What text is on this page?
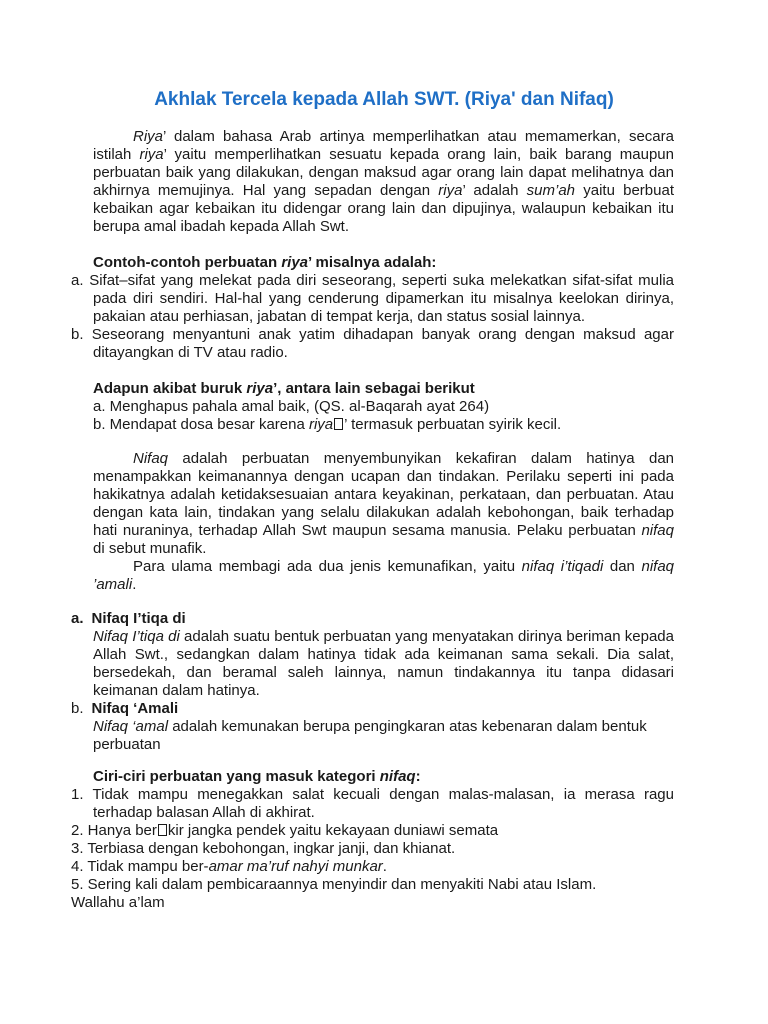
Akhlak Tercela kepada Allah SWT. (Riya' dan Nifaq)

Riya’ dalam bahasa Arab artinya memperlihatkan atau memamerkan, secara istilah riya’ yaitu memperlihatkan sesuatu kepada orang lain, baik barang maupun perbuatan baik yang dilakukan, dengan maksud agar orang lain dapat melihatnya dan akhirnya memujinya. Hal yang sepadan dengan riya’ adalah sum’ah yaitu berbuat kebaikan agar kebaikan itu didengar orang lain dan dipujinya, walaupun kebaikan itu berupa amal ibadah kepada Allah Swt.

Contoh-contoh perbuatan riya’ misalnya adalah:

a. Sifat–sifat yang melekat pada diri seseorang, seperti suka melekatkan sifat-sifat mulia pada diri sendiri. Hal-hal yang cenderung dipamerkan itu misalnya keelokan dirinya, pakaian atau perhiasan, jabatan di tempat kerja, dan status sosial lainnya.

b. Seseorang menyantuni anak yatim dihadapan banyak orang dengan maksud agar ditayangkan di TV atau radio.

Adapun akibat buruk riya’, antara lain sebagai berikut

a. Menghapus pahala amal baik, (QS. al-Baqarah ayat 264)

b. Mendapat dosa besar karena riya ’ termasuk perbuatan syirik kecil.

Nifaq adalah perbuatan menyembunyikan kekafiran dalam hatinya dan menampakkan keimanannya dengan ucapan dan tindakan. Perilaku seperti ini pada hakikatnya adalah ketidaksesuaian antara keyakinan, perkataan, dan perbuatan. Atau dengan kata lain, tindakan yang selalu dilakukan adalah kebohongan, baik terhadap hati nuraninya, terhadap Allah Swt maupun sesama manusia. Pelaku perbuatan nifaq di sebut munafik.

Para ulama membagi ada dua jenis kemunafikan, yaitu nifaq i’tiqadi dan nifaq ’amali.

a. Nifaq I’tiqa di

Nifaq I’tiqa di adalah suatu bentuk perbuatan yang menyatakan dirinya beriman kepada Allah Swt., sedangkan dalam hatinya tidak ada keimanan sama sekali. Dia salat, bersedekah, dan beramal saleh lainnya, namun tindakannya itu tanpa didasari keimanan dalam hatinya.

b. Nifaq ‘Amali

Nifaq ‘amal adalah kemunakan berupa pengingkaran atas kebenaran dalam bentuk perbuatan

Ciri-ciri perbuatan yang masuk kategori nifaq:

1. Tidak mampu menegakkan salat kecuali dengan malas-malasan, ia merasa ragu terhadap balasan Allah di akhirat.

2. Hanya ber kir jangka pendek yaitu kekayaan duniawi semata

3. Terbiasa dengan kebohongan, ingkar janji, dan khianat.

4. Tidak mampu ber-amar ma’ruf nahyi munkar.

5. Sering kali dalam pembicaraannya menyindir dan menyakiti Nabi atau Islam.

Wallahu a’lam
